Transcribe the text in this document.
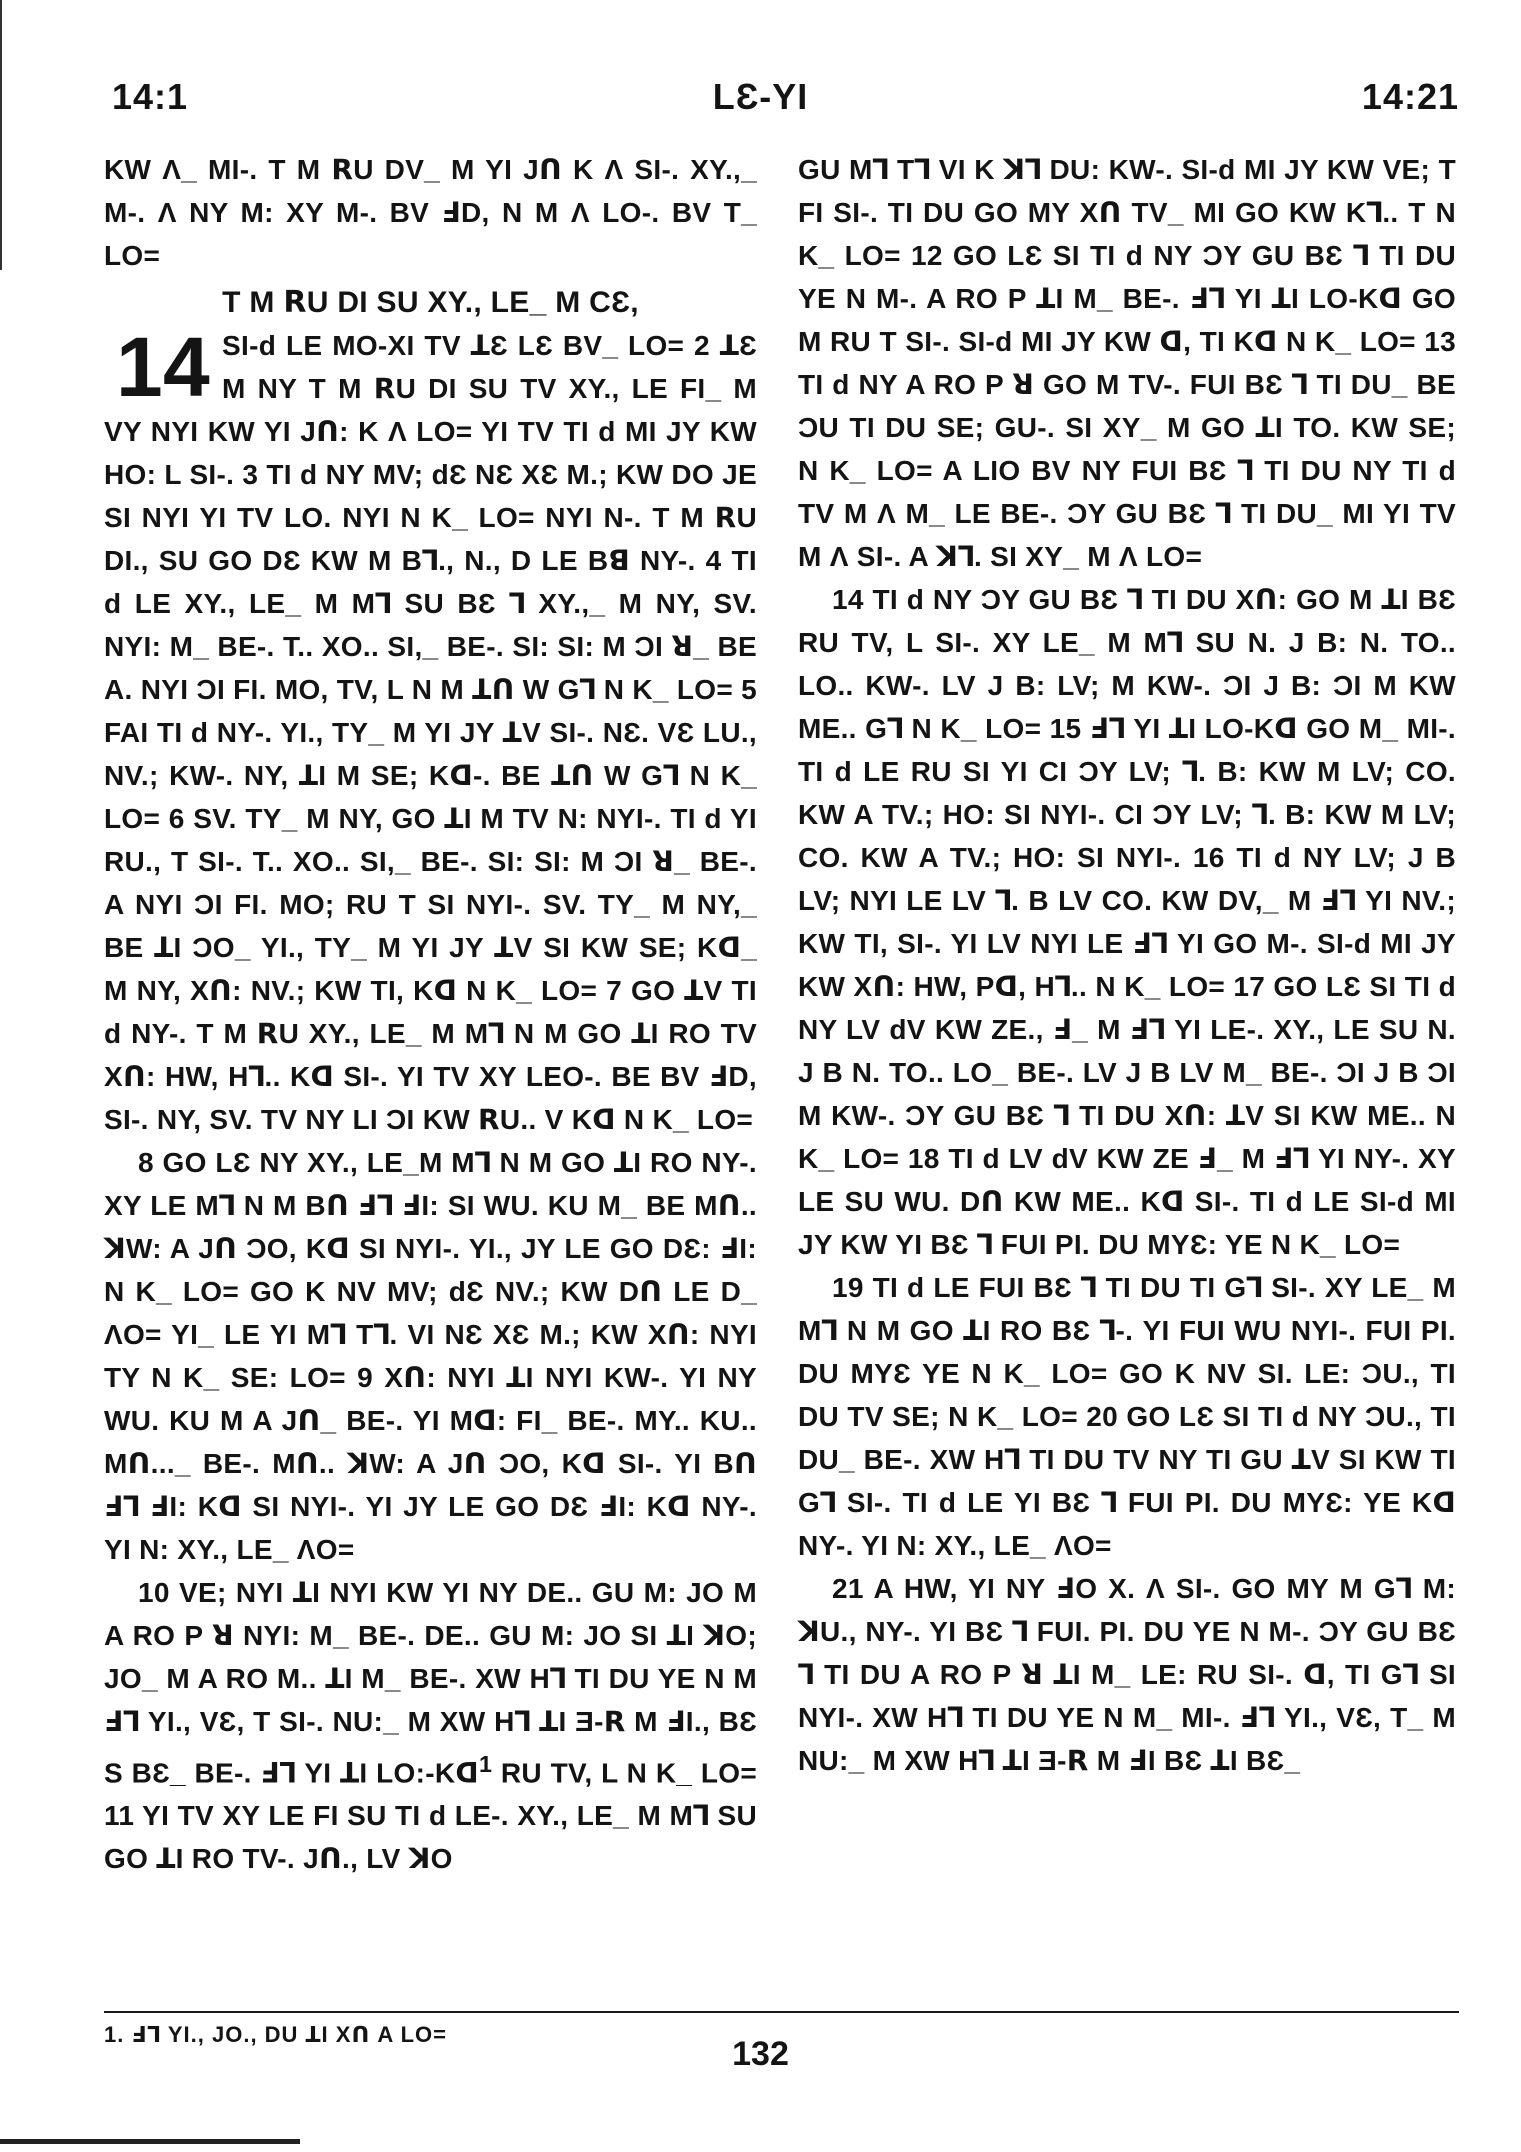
14:1	LƐ-YI	14:21

KW Λ_ MI-. T M ꓣU DV_ M YI Jꓵ K Λ SI-. XY.,_ M-. Λ NY M: XY M-. BV ꓞD, N M Λ LO-. BV T_ LO=

T M ꓣU DI SU XY., LE_ M CƐ,

14 SI-d LE MO-XI TV ꓕƐ LƐ BV_ LO= 2 ꓕƐ M NY T M ꓣU DI SU TV XY., LE FI_ M VY NYI KW YI Jꓵ: K Λ LO= YI TV TI d MI JY KW HO: L SI-. 3 TI d NY MV; dƐ NƐ XƐ M.; KW DO JE SI NYI YI TV LO. NYI N K_ LO= NYI N-. T M ꓣU DI., SU GO DƐ KW M Bꓶ., N., D LE Bꓭ NY-. 4 TI d LE XY., LE_ M Mꓶ SU BƐ ꓶ XY.,_ M NY, SV. NYI: M_ BE-. T.. XO.. SI,_ BE-. SI: SI: M ƆI ꓤ_ BE A. NYI ƆI FI. MO, TV, L N M ꓕꓵ W Gꓶ N K_ LO= 5 FAI TI d NY-. YI., TY_ M YI JY ꓕV SI-. NƐ. VƐ LU., NV.; KW-. NY, ꓕI M SE; Kꓷ-. BE ꓕꓵ W Gꓶ N K_ LO= 6 SV. TY_ M NY, GO ꓕI M TV N: NYI-. TI d YI RU., T SI-. T.. XO.. SI,_ BE-. SI: SI: M ƆI ꓤ_ BE-. A NYI ƆI FI. MO; RU T SI NYI-. SV. TY_ M NY,_ BE ꓕI ƆO_ YI., TY_ M YI JY ꓕV SI KW SE; Kꓷ_ M NY, Xꓵ: NV.; KW TI, Kꓷ N K_ LO= 7 GO ꓕV TI d NY-. T M ꓣU XY., LE_ M Mꓶ N M GO ꓕI RO TV Xꓵ: HW, Hꓶ.. Kꓷ SI-. YI TV XY LEO-. BE BV ꓞD, SI-. NY, SV. TV NY LI ƆI KW ꓣU.. V Kꓷ N K_ LO=

8 GO LƐ NY XY., LE_M Mꓶ N M GO ꓕI RO NY-. XY LE Mꓶ N M Bꓵ ꓞꓶ ꓞI: SI WU. KU M_ BE Mꓵ.. ꓘW: A Jꓵ ƆO, Kꓷ SI NYI-. YI., JY LE GO DƐ: ꓞI: N K_ LO= GO K NV MV; dƐ NV.; KW Dꓵ LE D_ ΛO= YI_ LE YI Mꓶ Tꓶ. VI NƐ XƐ M.; KW Xꓵ: NYI TY N K_ SE: LO= 9 Xꓵ: NYI ꓕI NYI KW-. YI NY WU. KU M A Jꓵ_ BE-. YI Mꓷ: FI_ BE-. MY.. KU.. Mꓵ..._ BE-. Mꓵ.. ꓘW: A Jꓵ ƆO, Kꓷ SI-. YI Bꓵ ꓞꓶ ꓞI: Kꓷ SI NYI-. YI JY LE GO DƐ ꓞI: Kꓷ NY-. YI N: XY., LE_ ΛO=

10 VE; NYI ꓕI NYI KW YI NY DE.. GU M: JO M A RO P ꓤ NYI: M_ BE-. DE.. GU M: JO SI ꓕI ꓘO; JO_ M A RO M.. ꓕI M_ BE-. XW Hꓶ TI DU YE N M ꓞꓶ YI., VƐ, T SI-. NU:_ M XW Hꓶ ꓕI Ǝ-ꓣ M ꓞI., BƐ S BƐ_ BE-. ꓞꓶ YI ꓕI LO:-Kꓷ$^1$ RU TV, L N K_ LO= 11 YI TV XY LE FI SU TI d LE-. XY., LE_ M Mꓶ SU GO ꓕI RO TV-. Jꓵ., LV ꓘO

GU Mꓶ Tꓶ VI K ꓘꓶ DU: KW-. SI-d MI JY KW VE; T FI SI-. TI DU GO MY Xꓵ TV_ MI GO KW Kꓶ.. T N K_ LO= 12 GO LƐ SI TI d NY ƆY GU BƐ ꓶ TI DU YE N M-. A RO P ꓕI M_ BE-. ꓞꓶ YI ꓕI LO-Kꓷ GO M RU T SI-. SI-d MI JY KW ꓷ, TI Kꓷ N K_ LO= 13 TI d NY A RO P ꓤ GO M TV-. FUI BƐ ꓶ TI DU_ BE ƆU TI DU SE; GU-. SI XY_ M GO ꓕI TO. KW SE; N K_ LO= A LIO BV NY FUI BƐ ꓶ TI DU NY TI d TV M Λ M_ LE BE-. ƆY GU BƐ ꓶ TI DU_ MI YI TV M Λ SI-. A ꓘꓶ. SI XY_ M Λ LO=

14 TI d NY ƆY GU BƐ ꓶ TI DU Xꓵ: GO M ꓕI BƐ RU TV, L SI-. XY LE_ M Mꓶ SU N. J B: N. TO.. LO.. KW-. LV J B: LV; M KW-. ƆI J B: ƆI M KW ME.. Gꓶ N K_ LO= 15 ꓞꓶ YI ꓕI LO-Kꓷ GO M_ MI-. TI d LE RU SI YI CI ƆY LV; ꓶ. B: KW M LV; CO. KW A TV.; HO: SI NYI-. CI ƆY LV; ꓶ. B: KW M LV; CO. KW A TV.; HO: SI NYI-. 16 TI d NY LV; J B LV; NYI LE LV ꓶ. B LV CO. KW DV,_ M ꓞꓶ YI NV.; KW TI, SI-. YI LV NYI LE ꓞꓶ YI GO M-. SI-d MI JY KW Xꓵ: HW, Pꓷ, Hꓶ.. N K_ LO= 17 GO LƐ SI TI d NY LV dV KW ZE., ꓞ_ M ꓞꓶ YI LE-. XY., LE SU N. J B N. TO.. LO_ BE-. LV J B LV M_ BE-. ƆI J B ƆI M KW-. ƆY GU BƐ ꓶ TI DU Xꓵ: ꓕV SI KW ME.. N K_ LO= 18 TI d LV dV KW ZE ꓞ_ M ꓞꓶ YI NY-. XY LE SU WU. Dꓵ KW ME.. Kꓷ SI-. TI d LE SI-d MI JY KW YI BƐ ꓶ FUI PI. DU MYƐ: YE N K_ LO=

19 TI d LE FUI BƐ ꓶ TI DU TI Gꓶ SI-. XY LE_ M Mꓶ N M GO ꓕI RO BƐ ꓶ-. YI FUI WU NYI-. FUI PI. DU MYƐ YE N K_ LO= GO K NV SI. LE: ƆU., TI DU TV SE; N K_ LO= 20 GO LƐ SI TI d NY ƆU., TI DU_ BE-. XW Hꓶ TI DU TV NY TI GU ꓕV SI KW TI Gꓶ SI-. TI d LE YI BƐ ꓶ FUI PI. DU MYƐ: YE Kꓷ NY-. YI N: XY., LE_ ΛO=

21 A HW, YI NY ꓞO X. Λ SI-. GO MY M Gꓶ M: ꓘU., NY-. YI BƐ ꓶ FUI. PI. DU YE N M-. ƆY GU BƐ ꓶ TI DU A RO P ꓤ ꓕI M_ LE: RU SI-. ꓷ, TI Gꓶ SI NYI-. XW Hꓶ TI DU YE N M_ MI-. ꓞꓶ YI., VƐ, T_ M NU:_ M XW Hꓶ ꓕI Ǝ-ꓣ M ꓞI BƐ ꓕI BƐ_

1. ꓞꓶ YI., JO., DU ꓕI Xꓵ A LO=
132
